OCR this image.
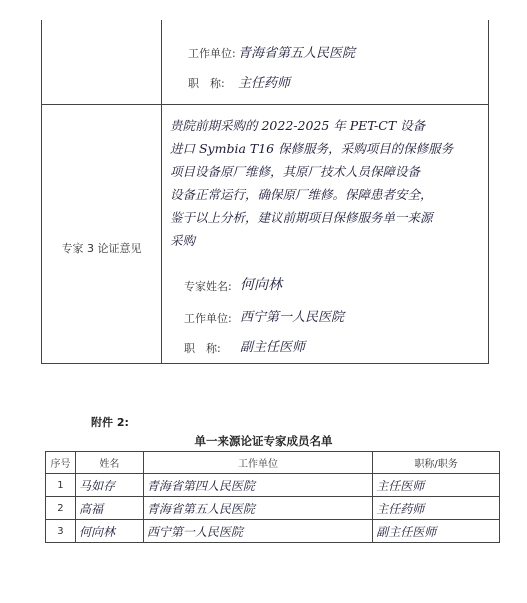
工作单位: 青海省第五人民医院
职　称: 主任药师
专家 3 论证意见
贵院前期采购的 2022-2025 年 PET-CT 设备
进口 Symbia T16 保修服务，采购项目的保修服务
项目设备原厂维修，其原厂技术人员保障设备
设备正常运行，确保原厂维修。保障患者安全，
鉴于以上分析，建议前期项目保修服务单一来源
采购
专家姓名: 何向林
工作单位: 西宁第一人民医院
职　称: 副主任医师
附件 2:
单一来源论证专家成员名单
序号	姓名	工作单位	职称/职务
1	马如存	青海省第四人民医院	主任医师
2	高福	青海省第五人民医院	主任药师
3	何向林	西宁第一人民医院	副主任医师
